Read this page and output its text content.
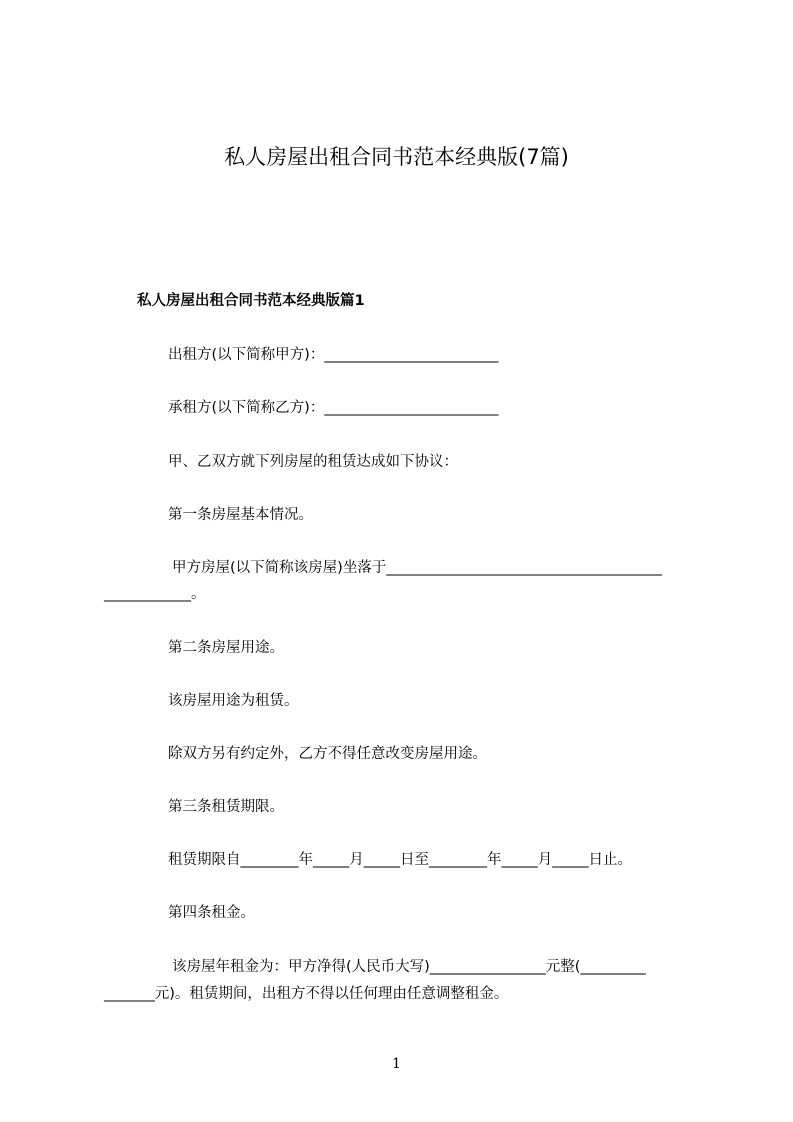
私人房屋出租合同书范本经典版(7篇)
私人房屋出租合同书范本经典版篇1
出租方(以下简称甲方)：________________________
承租方(以下简称乙方)：________________________
甲、乙双方就下列房屋的租赁达成如下协议：
第一条房屋基本情况。
甲方房屋(以下简称该房屋)坐落于______________________________________
____________。
第二条房屋用途。
该房屋用途为租赁。
除双方另有约定外，乙方不得任意改变房屋用途。
第三条租赁期限。
租赁期限自________年_____月_____日至________年_____月_____日止。
第四条租金。
该房屋年租金为：甲方净得(人民币大写)________________元整(_________
_______元)。租赁期间，出租方不得以任何理由任意调整租金。
1
